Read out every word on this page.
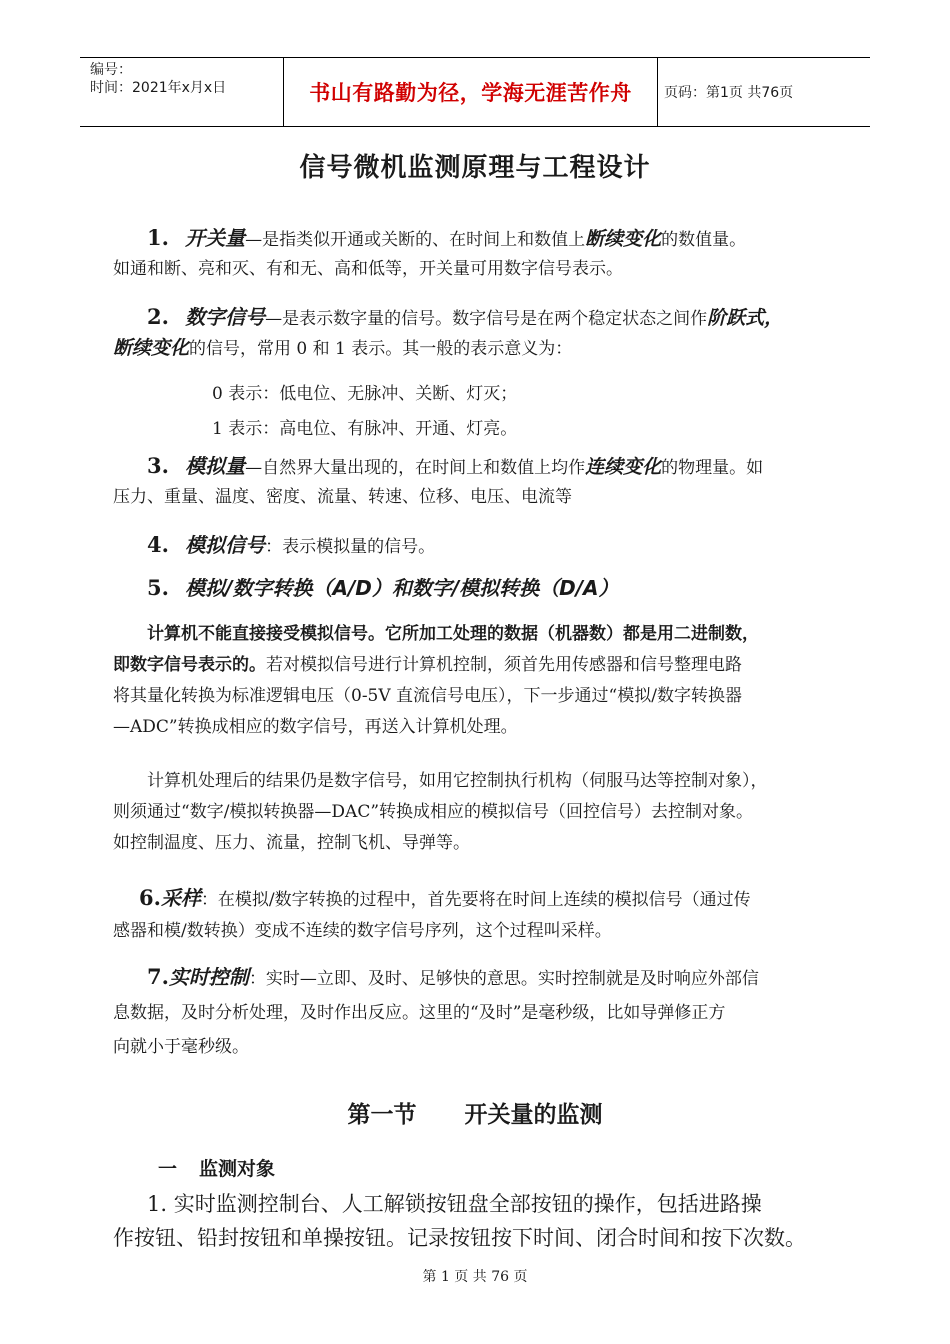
编号：
时间：2021年x月x日	书山有路勤为径，学海无涯苦作舟	页码：第1页 共76页
信号微机监测原理与工程设计
1. 开关量—是指类似开通或关断的、在时间上和数值上断续变化的数值量。
如通和断、亮和灭、有和无、高和低等，开关量可用数字信号表示。
2. 数字信号—是表示数字量的信号。数字信号是在两个稳定状态之间作阶跃式，
断续变化的信号，常用 0 和 1 表示。其一般的表示意义为：
0 表示：低电位、无脉冲、关断、灯灭；
1 表示：高电位、有脉冲、开通、灯亮。
3. 模拟量—自然界大量出现的，在时间上和数值上均作连续变化的物理量。如
压力、重量、温度、密度、流量、转速、位移、电压、电流等
4. 模拟信号：表示模拟量的信号。
5. 模拟/数字转换（A/D）和数字/模拟转换（D/A）
计算机不能直接接受模拟信号。它所加工处理的数据（机器数）都是用二进制数，
即数字信号表示的。若对模拟信号进行计算机控制，须首先用传感器和信号整理电路
将其量化转换为标准逻辑电压（0-5V 直流信号电压），下一步通过“模拟/数字转换器
—ADC”转换成相应的数字信号，再送入计算机处理。
计算机处理后的结果仍是数字信号，如用它控制执行机构（伺服马达等控制对象），
则须通过“数字/模拟转换器—DAC”转换成相应的模拟信号（回控信号）去控制对象。
如控制温度、压力、流量，控制飞机、导弹等。
6.采样：在模拟/数字转换的过程中，首先要将在时间上连续的模拟信号（通过传
感器和模/数转换）变成不连续的数字信号序列，这个过程叫采样。
7.实时控制：实时—立即、及时、足够快的意思。实时控制就是及时响应外部信
息数据，及时分析处理，及时作出反应。这里的“及时”是毫秒级，比如导弹修正方
向就小于毫秒级。
第一节 开关量的监测
一 监测对象
1. 实时监测控制台、人工解锁按钮盘全部按钮的操作，包括进路操
作按钮、铅封按钮和单操按钮。记录按钮按下时间、闭合时间和按下次数。
第 1 页 共 76 页
